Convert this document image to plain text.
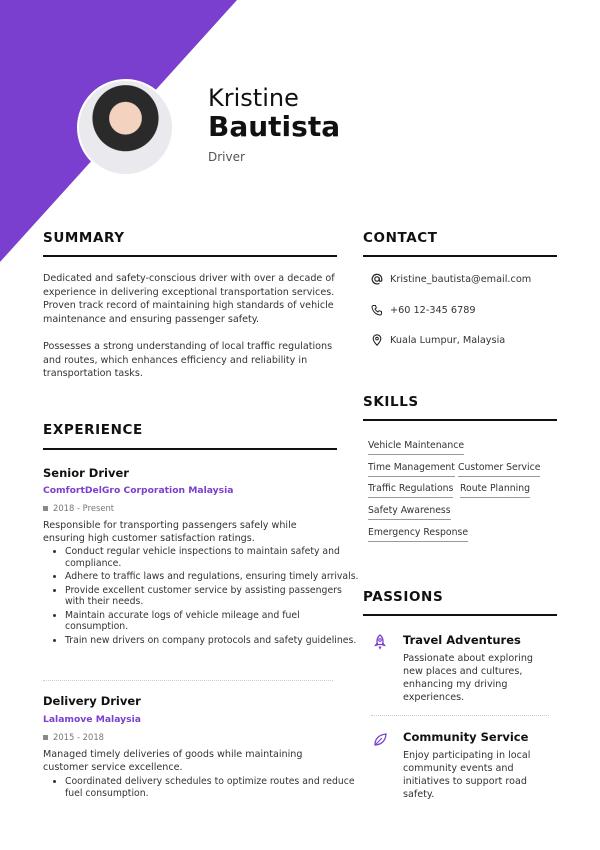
Kristine
Bautista
Driver
SUMMARY
Dedicated and safety-conscious driver with over a decade of experience in delivering exceptional transportation services. Proven track record of maintaining high standards of vehicle maintenance and ensuring passenger safety.
Possesses a strong understanding of local traffic regulations and routes, which enhances efficiency and reliability in transportation tasks.
EXPERIENCE
Senior Driver
ComfortDelGro Corporation Malaysia
2018 - Present
Responsible for transporting passengers safely while ensuring high customer satisfaction ratings.
• Conduct regular vehicle inspections to maintain safety and compliance.
• Adhere to traffic laws and regulations, ensuring timely arrivals.
• Provide excellent customer service by assisting passengers with their needs.
• Maintain accurate logs of vehicle mileage and fuel consumption.
• Train new drivers on company protocols and safety guidelines.
Delivery Driver
Lalamove Malaysia
2015 - 2018
Managed timely deliveries of goods while maintaining customer service excellence.
• Coordinated delivery schedules to optimize routes and reduce fuel consumption.
CONTACT
Kristine_bautista@email.com
+60 12-345 6789
Kuala Lumpur, Malaysia
SKILLS
Vehicle Maintenance
Time Management Customer Service
Traffic Regulations Route Planning
Safety Awareness
Emergency Response
PASSIONS
Travel Adventures
Passionate about exploring new places and cultures, enhancing my driving experiences.
Community Service
Enjoy participating in local community events and initiatives to support road safety.
